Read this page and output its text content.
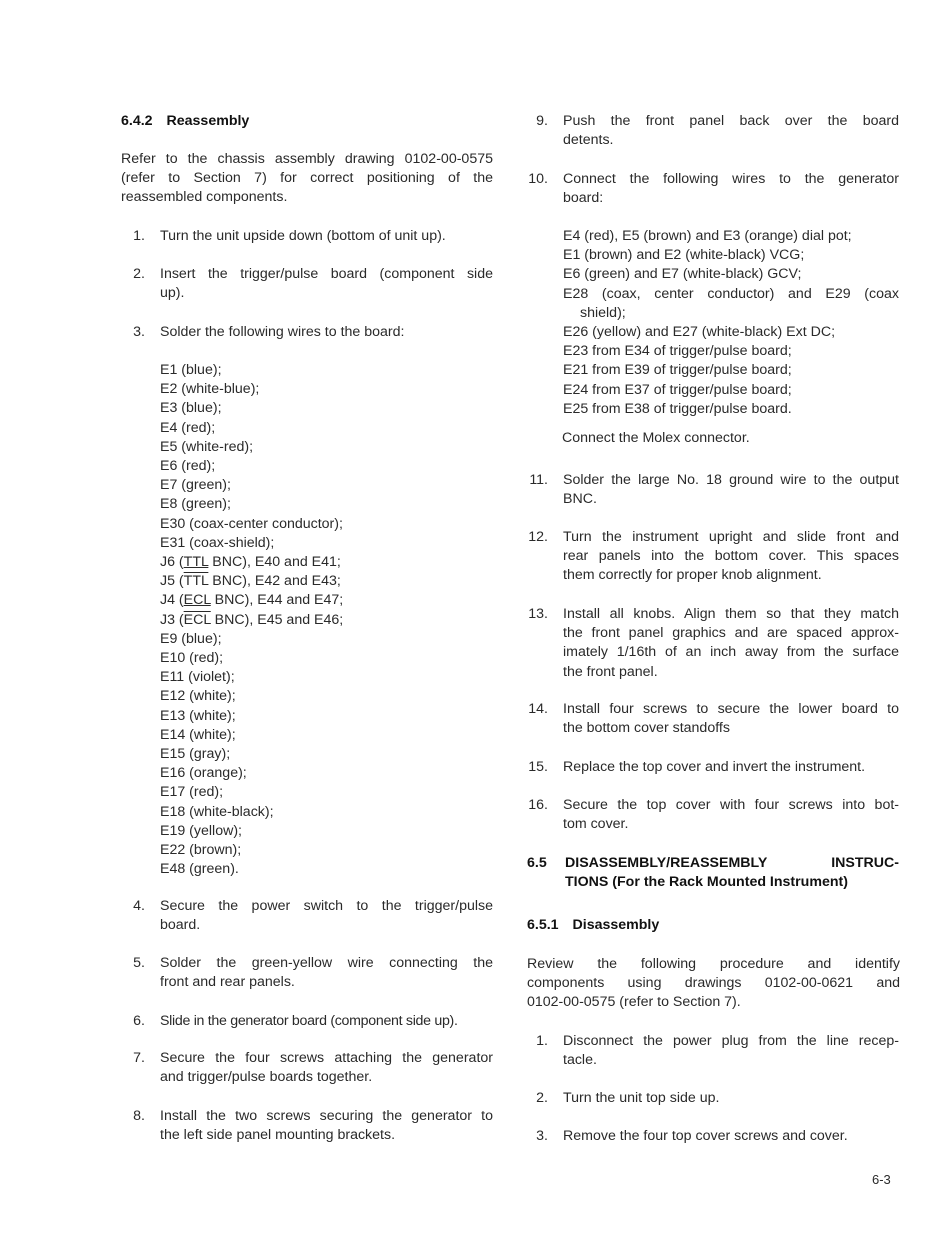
6.4.2 Reassembly
Refer to the chassis assembly drawing 0102-00-0575
(refer to Section 7) for correct positioning of the
reassembled components.
1. Turn the unit upside down (bottom of unit up).
2. Insert the trigger/pulse board (component side
up).
3. Solder the following wires to the board:
E1 (blue);
E2 (white-blue);
E3 (blue);
E4 (red);
E5 (white-red);
E6 (red);
E7 (green);
E8 (green);
E30 (coax-center conductor);
E31 (coax-shield);
J6 (TTL BNC), E40 and E41;
J5 ($\overline{TTL}$ BNC), E42 and E43;
J4 (ECL BNC), E44 and E47;
J3 ($\overline{ECL}$ BNC), E45 and E46;
E9 (blue);
E10 (red);
E11 (violet);
E12 (white);
E13 (white);
E14 (white);
E15 (gray);
E16 (orange);
E17 (red);
E18 (white-black);
E19 (yellow);
E22 (brown);
E48 (green).
4. Secure the power switch to the trigger/pulse
board.
5. Solder the green-yellow wire connecting the
front and rear panels.
6. Slide in the generator board (component side up).
7. Secure the four screws attaching the generator
and trigger/pulse boards together.
8. Install the two screws securing the generator to
the left side panel mounting brackets.
9. Push the front panel back over the board
detents.
10. Connect the following wires to the generator
board:
E4 (red), E5 (brown) and E3 (orange) dial pot;
E1 (brown) and E2 (white-black) VCG;
E6 (green) and E7 (white-black) GCV;
E28 (coax, center conductor) and E29 (coax
shield);
E26 (yellow) and E27 (white-black) Ext DC;
E23 from E34 of trigger/pulse board;
E21 from E39 of trigger/pulse board;
E24 from E37 of trigger/pulse board;
E25 from E38 of trigger/pulse board.
Connect the Molex connector.
11. Solder the large No. 18 ground wire to the output
BNC.
12. Turn the instrument upright and slide front and
rear panels into the bottom cover. This spaces
them correctly for proper knob alignment.
13. Install all knobs. Align them so that they match
the front panel graphics and are spaced approx-
imately 1/16th of an inch away from the surface
the front panel.
14. Install four screws to secure the lower board to
the bottom cover standoffs
15. Replace the top cover and invert the instrument.
16. Secure the top cover with four screws into bot-
tom cover.
6.5 DISASSEMBLY/REASSEMBLY INSTRUC-
TIONS (For the Rack Mounted Instrument)
6.5.1 Disassembly
Review the following procedure and identify
components using drawings 0102-00-0621 and
0102-00-0575 (refer to Section 7).
1. Disconnect the power plug from the line recep-
tacle.
2. Turn the unit top side up.
3. Remove the four top cover screws and cover.
6-3
